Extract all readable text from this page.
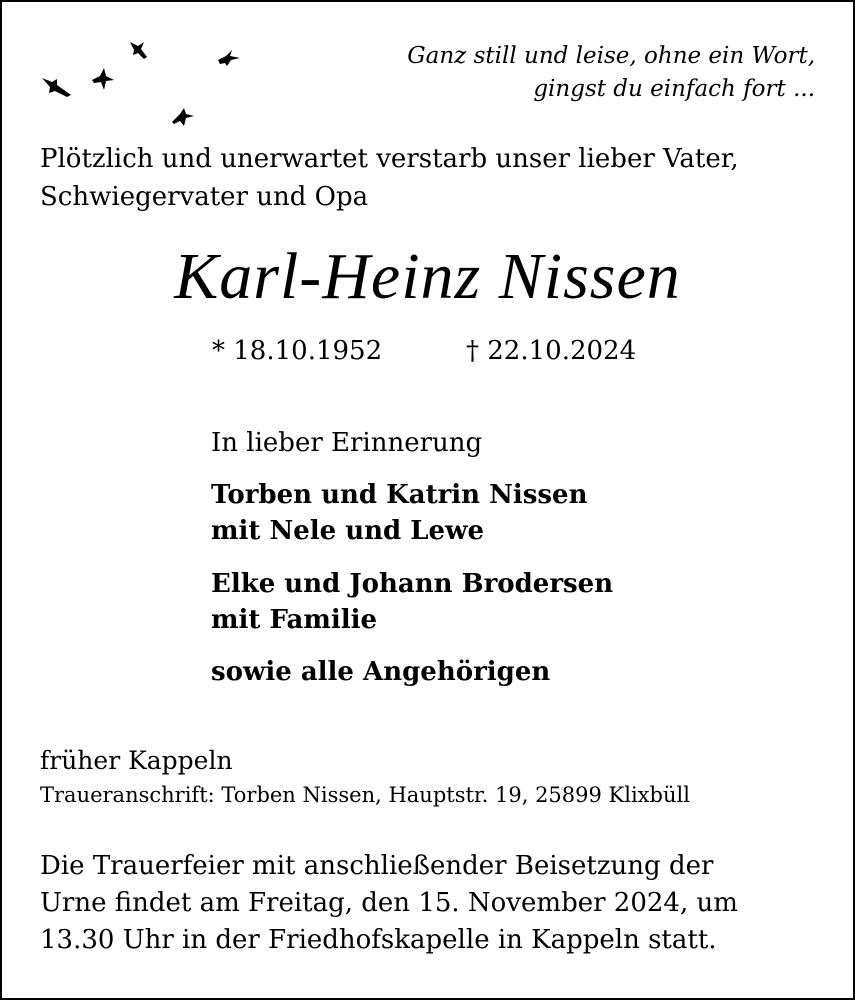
Ganz still und leise, ohne ein Wort,
gingst du einfach fort ...
Plötzlich und unerwartet verstarb unser lieber Vater,
Schwiegervater und Opa
Karl-Heinz Nissen
* 18.10.1952	† 22.10.2024
In lieber Erinnerung
Torben und Katrin Nissen
mit Nele und Lewe
Elke und Johann Brodersen
mit Familie
sowie alle Angehörigen
früher Kappeln
Traueranschrift: Torben Nissen, Hauptstr. 19, 25899 Klixbüll
Die Trauerfeier mit anschließender Beisetzung der
Urne findet am Freitag, den 15. November 2024, um
13.30 Uhr in der Friedhofskapelle in Kappeln statt.
